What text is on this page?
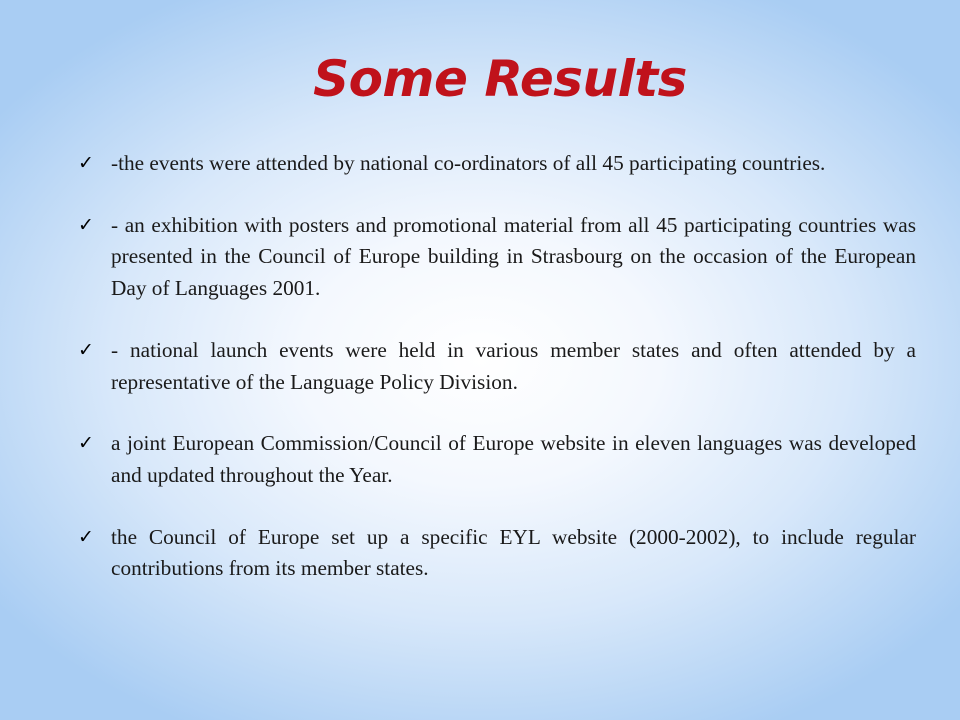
Some Results
✓ -the events were attended by national co-ordinators of all 45 participating countries.
✓ - an exhibition with posters and promotional material from all 45 participating countries was presented in the Council of Europe building in Strasbourg on the occasion of the European Day of Languages 2001.
✓ - national launch events were held in various member states and often attended by a representative of the Language Policy Division.
✓ a joint European Commission/Council of Europe website in eleven languages was developed and updated throughout the Year.
✓ the Council of Europe set up a specific EYL website (2000-2002), to include regular contributions from its member states.
